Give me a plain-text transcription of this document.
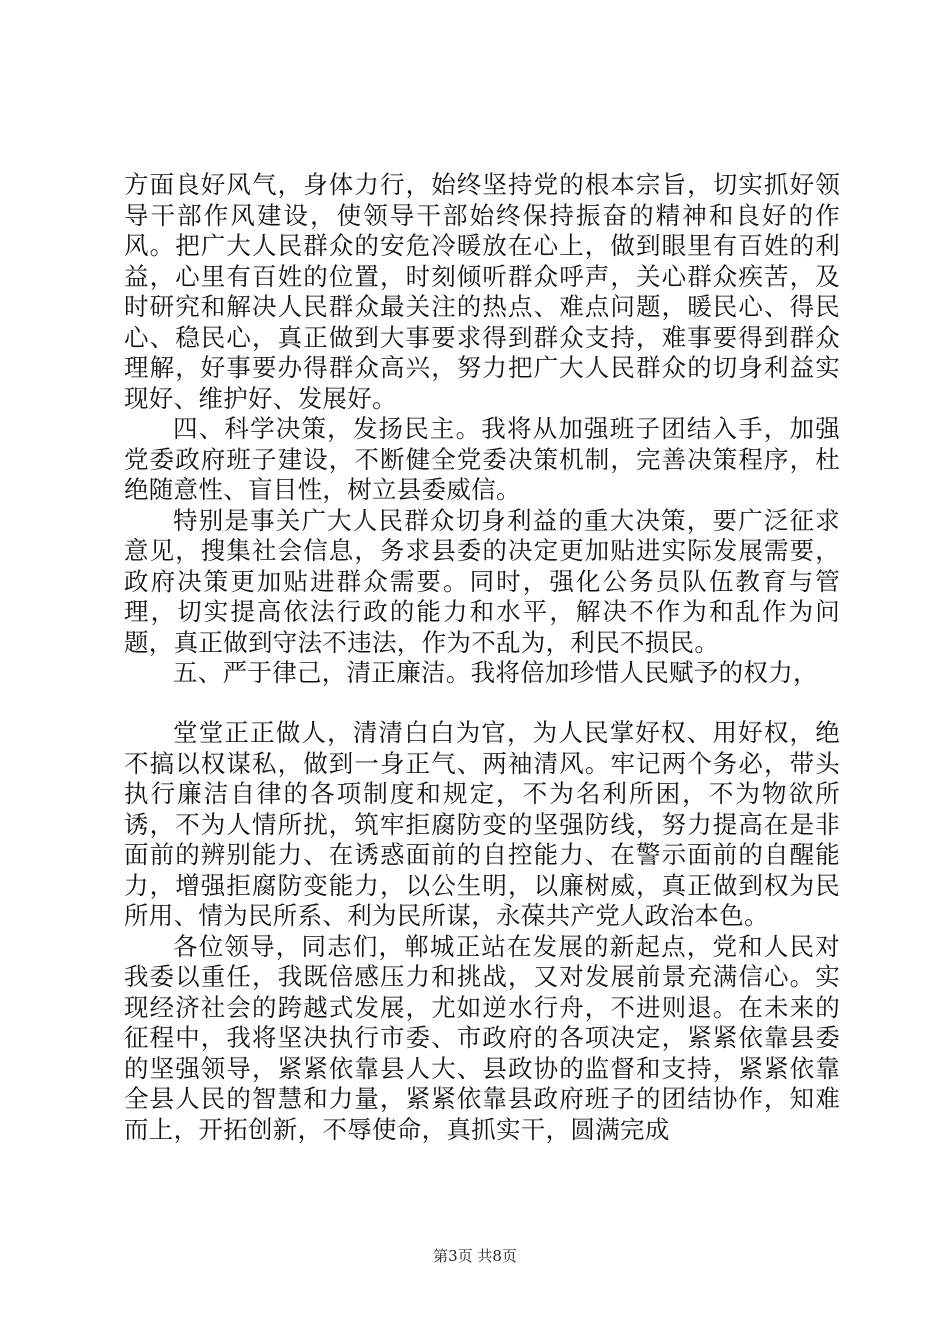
方面良好风气，身体力行，始终坚持党的根本宗旨，切实抓好领导干部作风建设，使领导干部始终保持振奋的精神和良好的作风。把广大人民群众的安危冷暖放在心上，做到眼里有百姓的利益，心里有百姓的位置，时刻倾听群众呼声，关心群众疾苦，及时研究和解决人民群众最关注的热点、难点问题，暖民心、得民心、稳民心，真正做到大事要求得到群众支持，难事要得到群众理解，好事要办得群众高兴，努力把广大人民群众的切身利益实现好、维护好、发展好。

四、科学决策，发扬民主。我将从加强班子团结入手，加强党委政府班子建设，不断健全党委决策机制，完善决策程序，杜绝随意性、盲目性，树立县委威信。

特别是事关广大人民群众切身利益的重大决策，要广泛征求意见，搜集社会信息，务求县委的决定更加贴进实际发展需要，政府决策更加贴进群众需要。同时，强化公务员队伍教育与管理，切实提高依法行政的能力和水平，解决不作为和乱作为问题，真正做到守法不违法，作为不乱为，利民不损民。

五、严于律己，清正廉洁。我将倍加珍惜人民赋予的权力，

堂堂正正做人，清清白白为官，为人民掌好权、用好权，绝不搞以权谋私，做到一身正气、两袖清风。牢记两个务必，带头执行廉洁自律的各项制度和规定，不为名利所困，不为物欲所诱，不为人情所扰，筑牢拒腐防变的坚强防线，努力提高在是非面前的辨别能力、在诱惑面前的自控能力、在警示面前的自醒能力，增强拒腐防变能力，以公生明，以廉树威，真正做到权为民所用、情为民所系、利为民所谋，永葆共产党人政治本色。

各位领导，同志们，郸城正站在发展的新起点，党和人民对我委以重任，我既倍感压力和挑战，又对发展前景充满信心。实现经济社会的跨越式发展，尤如逆水行舟，不进则退。在未来的征程中，我将坚决执行市委、市政府的各项决定，紧紧依靠县委的坚强领导，紧紧依靠县人大、县政协的监督和支持，紧紧依靠全县人民的智慧和力量，紧紧依靠县政府班子的团结协作，知难而上，开拓创新，不辱使命，真抓实干，圆满完成

第3页 共8页
